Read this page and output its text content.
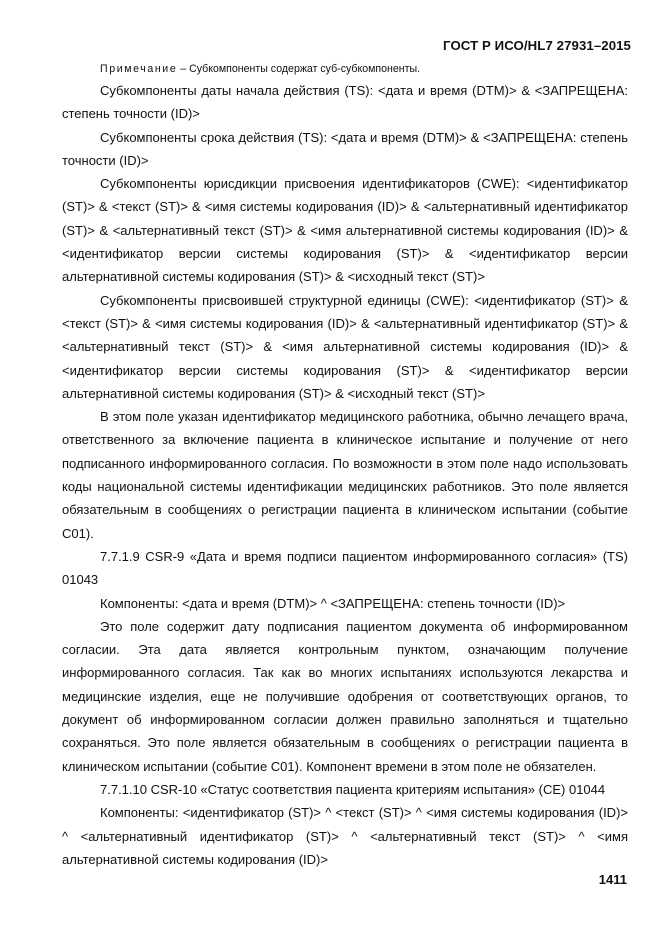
ГОСТ Р ИСО/HL7 27931–2015

Примечание – Субкомпоненты содержат суб-субкомпоненты.

Субкомпоненты даты начала действия (TS): <дата и время (DTM)> & <ЗАПРЕЩЕНА: степень точности (ID)>

Субкомпоненты срока действия (TS): <дата и время (DTM)> & <ЗАПРЕЩЕНА: степень точности (ID)>

Субкомпоненты юрисдикции присвоения идентификаторов (CWE): <идентификатор (ST)> & <текст (ST)> & <имя системы кодирования (ID)> & <альтернативный идентификатор (ST)> & <альтернативный текст (ST)> & <имя альтернативной системы кодирования (ID)> & <идентификатор версии системы кодирования (ST)> & <идентификатор версии альтернативной системы кодирования (ST)> & <исходный текст (ST)>

Субкомпоненты присвоившей структурной единицы (CWE): <идентификатор (ST)> & <текст (ST)> & <имя системы кодирования (ID)> & <альтернативный идентификатор (ST)> & <альтернативный текст (ST)> & <имя альтернативной системы кодирования (ID)> & <идентификатор версии системы кодирования (ST)> & <идентификатор версии альтернативной системы кодирования (ST)> & <исходный текст (ST)>

В этом поле указан идентификатор медицинского работника, обычно лечащего врача, ответственного за включение пациента в клиническое испытание и получение от него подписанного информированного согласия. По возможности в этом поле надо использовать коды национальной системы идентификации медицинских работников. Это поле является обязательным в сообщениях о регистрации пациента в клиническом испытании (событие C01).

7.7.1.9 CSR-9 «Дата и время подписи пациентом информированного согласия» (TS) 01043

Компоненты: <дата и время (DTM)> ^ <ЗАПРЕЩЕНА: степень точности (ID)>

Это поле содержит дату подписания пациентом документа об информированном согласии. Эта дата является контрольным пунктом, означающим получение информированного согласия. Так как во многих испытаниях используются лекарства и медицинские изделия, еще не получившие одобрения от соответствующих органов, то документ об информированном согласии должен правильно заполняться и тщательно сохраняться. Это поле является обязательным в сообщениях о регистрации пациента в клиническом испытании (событие C01). Компонент времени в этом поле не обязателен.

7.7.1.10 CSR-10 «Статус соответствия пациента критериям испытания» (CE) 01044

Компоненты: <идентификатор (ST)> ^ <текст (ST)> ^ <имя системы кодирования (ID)> ^ <альтернативный идентификатор (ST)> ^ <альтернативный текст (ST)> ^ <имя альтернативной системы кодирования (ID)>

1411
